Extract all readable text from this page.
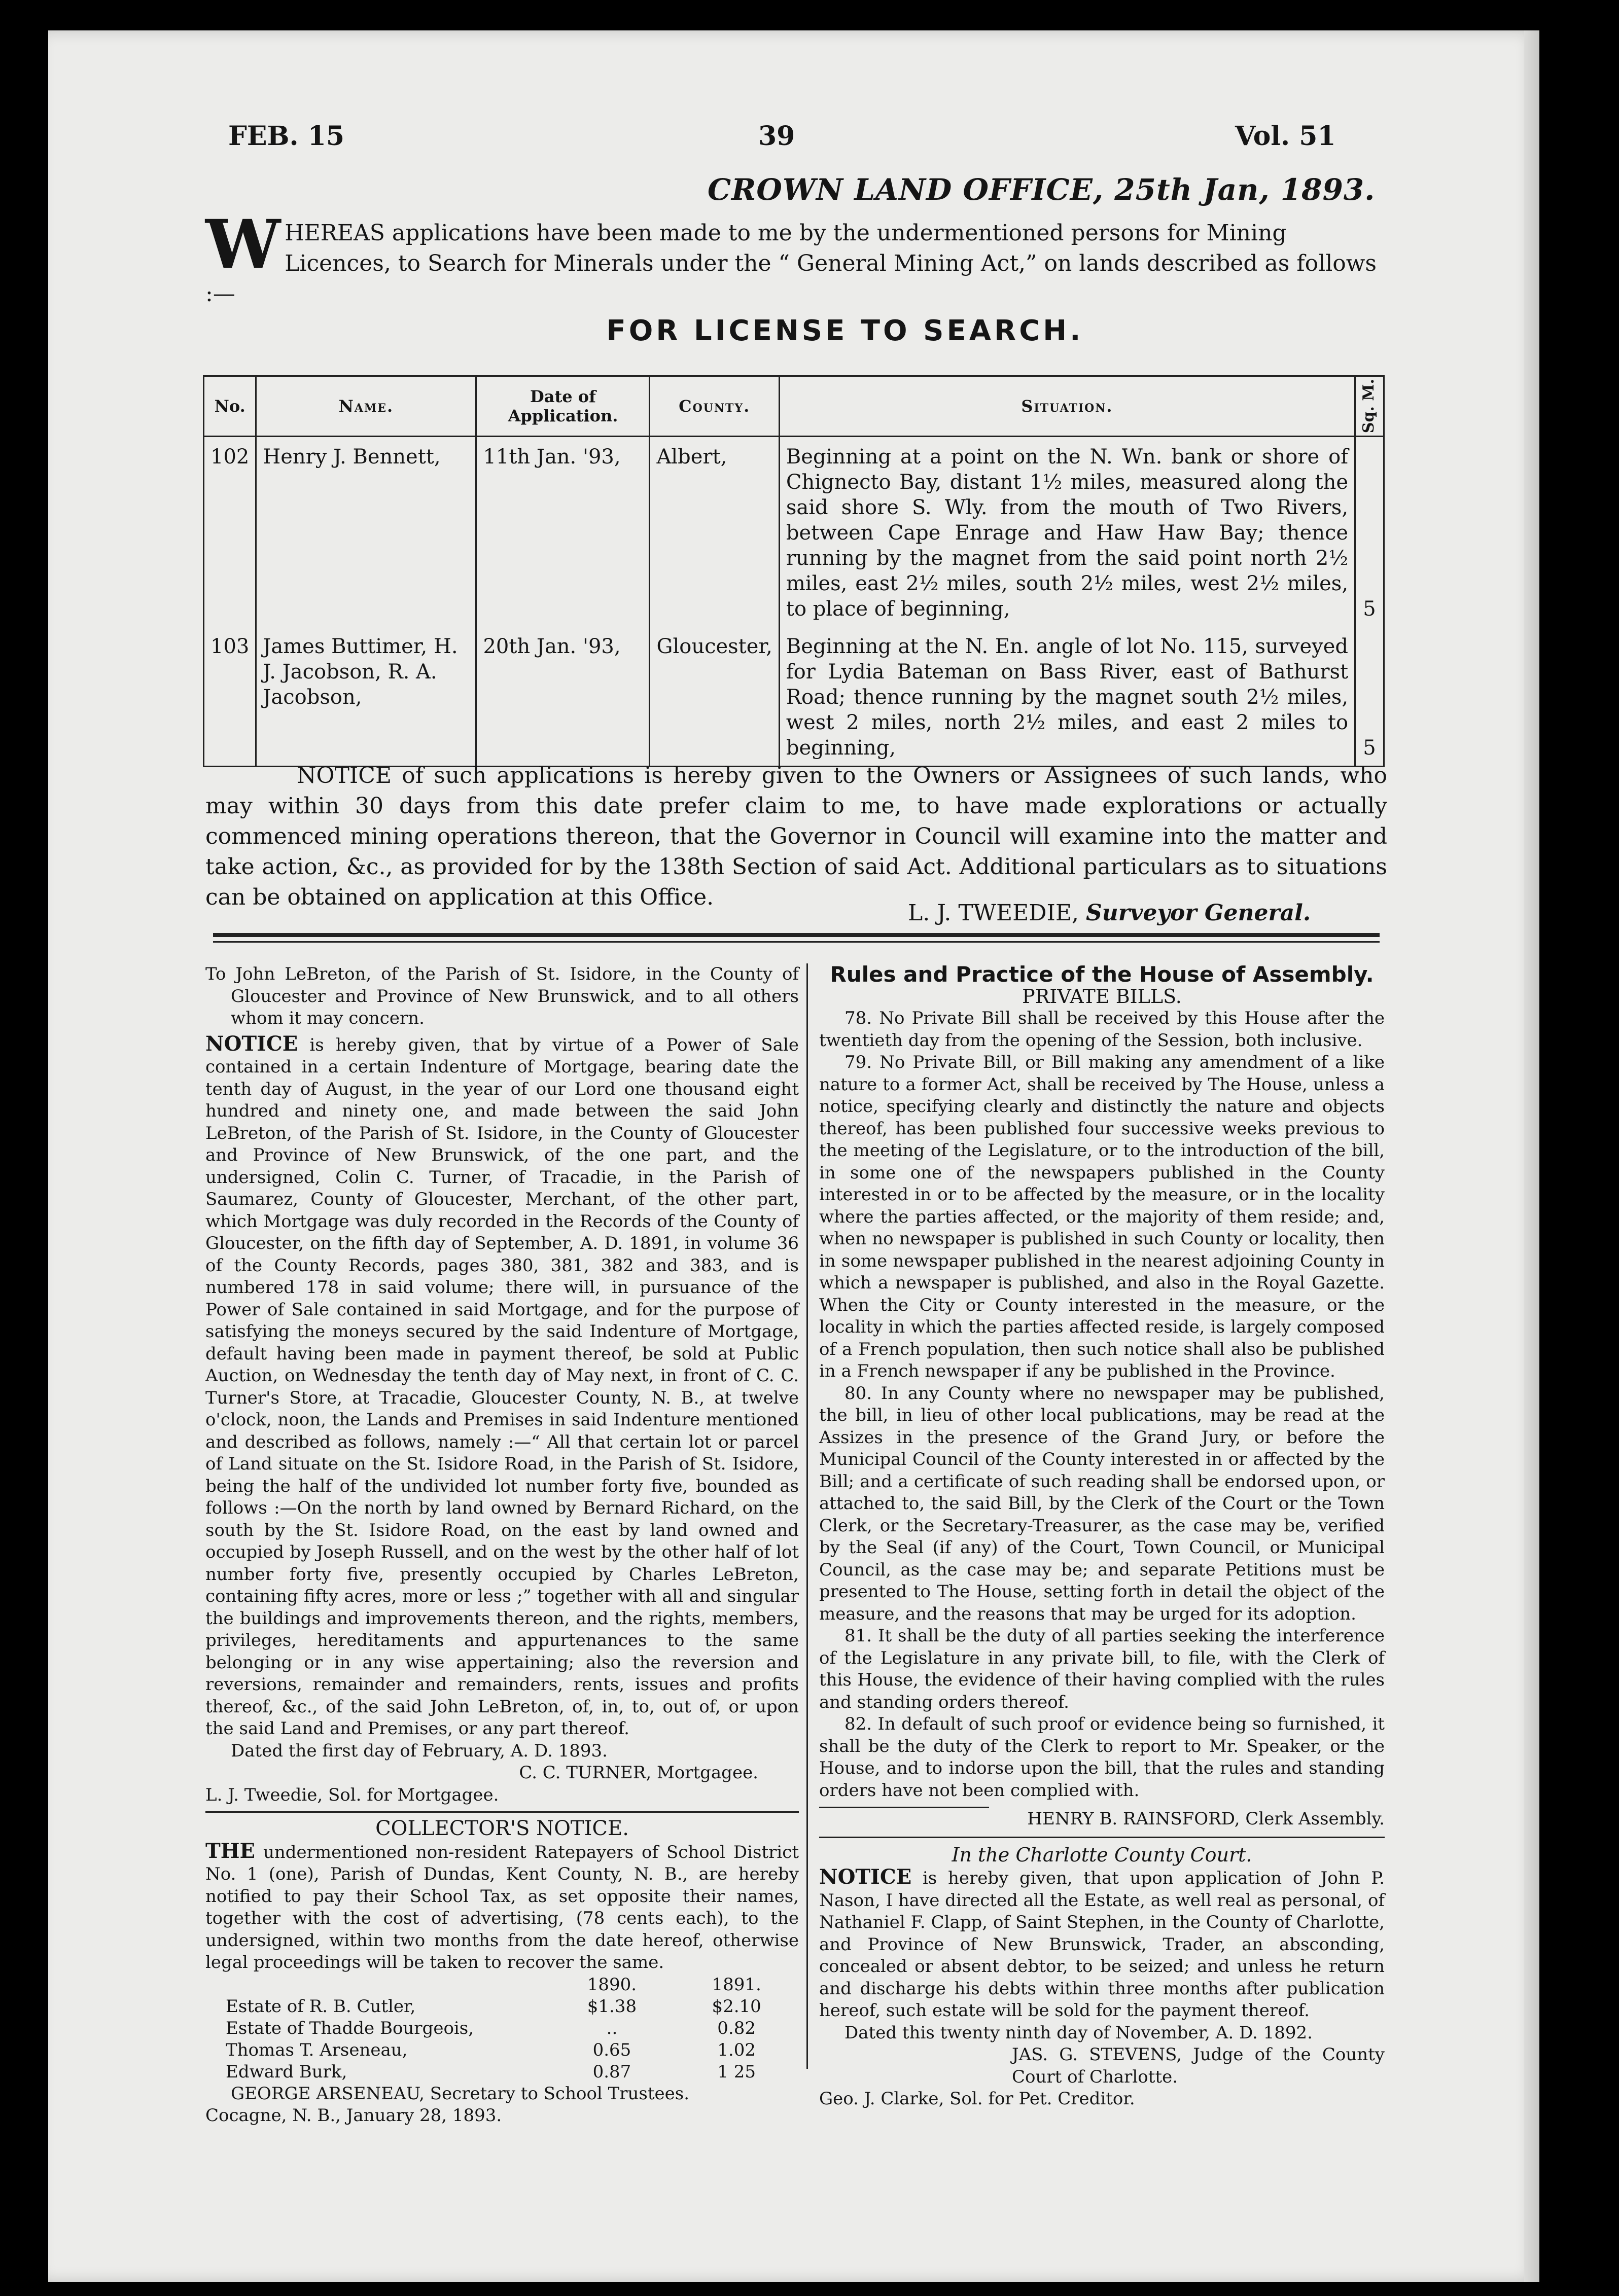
FEB. 15	39	Vol. 51
CROWN LAND OFFICE, 25th Jan, 1893.
W HEREAS applications have been made to me by the undermentioned persons for Mining Licences, to Search for Minerals under the “ General Mining Act,” on lands described as follows :—
FOR LICENSE TO SEARCH.
No.	Name.	Date of Application.	County.	Situation.	Sq. M.

102	Henry J. Bennett,	11th Jan. '93,	Albert,	Beginning at a point on the N. Wn. bank or shore of Chignecto Bay, distant 1½ miles, measured along the said shore S. Wly. from the mouth of Two Rivers, between Cape Enrage and Haw Haw Bay; thence running by the magnet from the said point north 2½ miles, east 2½ miles, south 2½ miles, west 2½ miles, to place of beginning,	5
103	James Buttimer, H. J. Jacobson, R. A. Jacobson,	20th Jan. '93,	Gloucester,	Beginning at the N. En. angle of lot No. 115, surveyed for Lydia Bateman on Bass River, east of Bathurst Road; thence running by the magnet south 2½ miles, west 2 miles, north 2½ miles, and east 2 miles to beginning,	5
NOTICE of such applications is hereby given to the Owners or Assignees of such lands, who may within 30 days from this date prefer claim to me, to have made explorations or actually commenced mining operations thereon, that the Governor in Council will examine into the matter and take action, &c., as provided for by the 138th Section of said Act. Additional particulars as to situations can be obtained on application at this Office.
L. J. TWEEDIE, Surveyor General.
To John LeBreton, of the Parish of St. Isidore, in the County of Gloucester and Province of New Brunswick, and to all others whom it may concern.
NOTICE is hereby given, that by virtue of a Power of Sale contained in a certain Indenture of Mortgage, bearing date the tenth day of August, in the year of our Lord one thousand eight hundred and ninety one, and made between the said John LeBreton, of the Parish of St. Isidore, in the County of Gloucester and Province of New Brunswick, of the one part, and the undersigned, Colin C. Turner, of Tracadie, in the Parish of Saumarez, County of Gloucester, Merchant, of the other part, which Mortgage was duly recorded in the Records of the County of Gloucester, on the fifth day of September, A. D. 1891, in volume 36 of the County Records, pages 380, 381, 382 and 383, and is numbered 178 in said volume; there will, in pursuance of the Power of Sale contained in said Mortgage, and for the purpose of satisfying the moneys secured by the said Indenture of Mortgage, default having been made in payment thereof, be sold at Public Auction, on Wednesday the tenth day of May next, in front of C. C. Turner's Store, at Tracadie, Gloucester County, N. B., at twelve o'clock, noon, the Lands and Premises in said Indenture mentioned and described as follows, namely :—“ All that certain lot or parcel of Land situate on the St. Isidore Road, in the Parish of St. Isidore, being the half of the undivided lot number forty five, bounded as follows :—On the north by land owned by Bernard Richard, on the south by the St. Isidore Road, on the east by land owned and occupied by Joseph Russell, and on the west by the other half of lot number forty five, presently occupied by Charles LeBreton, containing fifty acres, more or less ;” together with all and singular the buildings and improvements thereon, and the rights, members, privileges, hereditaments and appurtenances to the same belonging or in any wise appertaining; also the reversion and reversions, remainder and remainders, rents, issues and profits thereof, &c., of the said John LeBreton, of, in, to, out of, or upon the said Land and Premises, or any part thereof.
Dated the first day of February, A. D. 1893.
C. C. TURNER, Mortgagee.
L. J. Tweedie, Sol. for Mortgagee.
COLLECTOR'S NOTICE.
THE undermentioned non-resident Ratepayers of School District No. 1 (one), Parish of Dundas, Kent County, N. B., are hereby notified to pay their School Tax, as set opposite their names, together with the cost of advertising, (78 cents each), to the undersigned, within two months from the date hereof, otherwise legal proceedings will be taken to recover the same.
	1890.	1891.
Estate of R. B. Cutler,	$1.38	$2.10
Estate of Thadde Bourgeois,	..	0.82
Thomas T. Arseneau,	0.65	1.02
Edward Burk,	0.87	1 25
GEORGE ARSENEAU, Secretary to School Trustees.
Cocagne, N. B., January 28, 1893.
Rules and Practice of the House of Assembly.
PRIVATE BILLS.
78. No Private Bill shall be received by this House after the twentieth day from the opening of the Session, both inclusive.
79. No Private Bill, or Bill making any amendment of a like nature to a former Act, shall be received by The House, unless a notice, specifying clearly and distinctly the nature and objects thereof, has been published four successive weeks previous to the meeting of the Legislature, or to the introduction of the bill, in some one of the newspapers published in the County interested in or to be affected by the measure, or in the locality where the parties affected, or the majority of them reside; and, when no newspaper is published in such County or locality, then in some newspaper published in the nearest adjoining County in which a newspaper is published, and also in the Royal Gazette. When the City or County interested in the measure, or the locality in which the parties affected reside, is largely composed of a French population, then such notice shall also be published in a French newspaper if any be published in the Province.
80. In any County where no newspaper may be published, the bill, in lieu of other local publications, may be read at the Assizes in the presence of the Grand Jury, or before the Municipal Council of the County interested in or affected by the Bill; and a certificate of such reading shall be endorsed upon, or attached to, the said Bill, by the Clerk of the Court or the Town Clerk, or the Secretary-Treasurer, as the case may be, verified by the Seal (if any) of the Court, Town Council, or Municipal Council, as the case may be; and separate Petitions must be presented to The House, setting forth in detail the object of the measure, and the reasons that may be urged for its adoption.
81. It shall be the duty of all parties seeking the interference of the Legislature in any private bill, to file, with the Clerk of this House, the evidence of their having complied with the rules and standing orders thereof.
82. In default of such proof or evidence being so furnished, it shall be the duty of the Clerk to report to Mr. Speaker, or the House, and to indorse upon the bill, that the rules and standing orders have not been complied with.
HENRY B. RAINSFORD, Clerk Assembly.
In the Charlotte County Court.
NOTICE is hereby given, that upon application of John P. Nason, I have directed all the Estate, as well real as personal, of Nathaniel F. Clapp, of Saint Stephen, in the County of Charlotte, and Province of New Brunswick, Trader, an absconding, concealed or absent debtor, to be seized; and unless he return and discharge his debts within three months after publication hereof, such estate will be sold for the payment thereof.
Dated this twenty ninth day of November, A. D. 1892.
JAS. G. STEVENS, Judge of the County Court of Charlotte.
Geo. J. Clarke, Sol. for Pet. Creditor.
